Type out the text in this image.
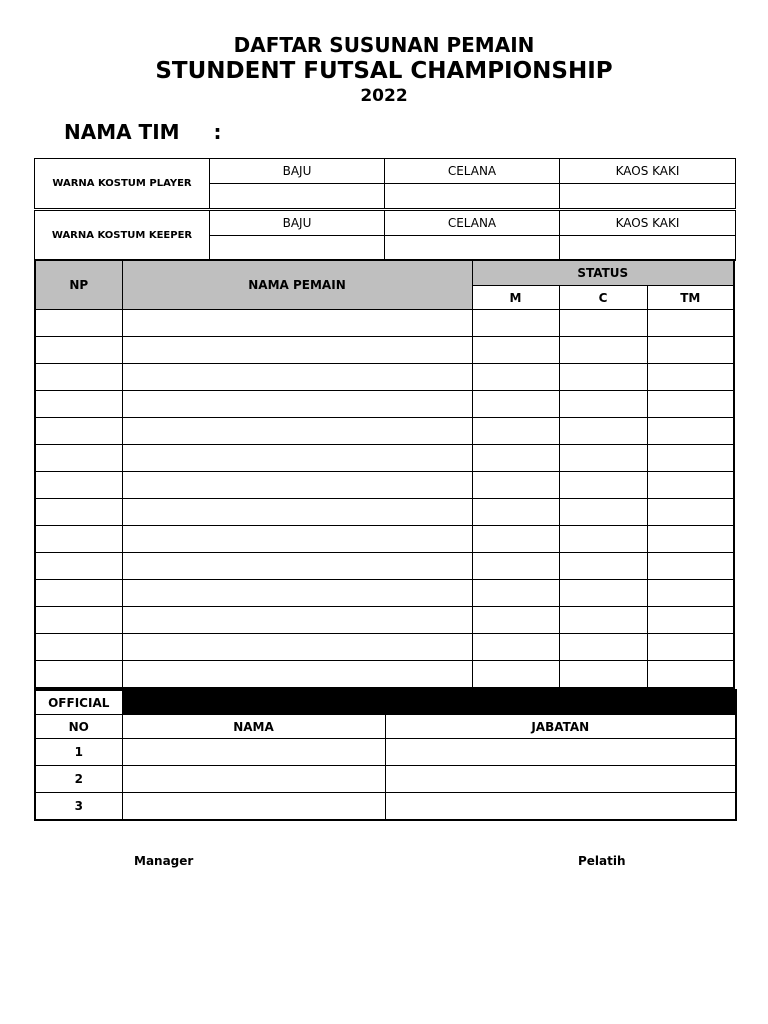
DAFTAR SUSUNAN PEMAIN
STUNDENT FUTSAL CHAMPIONSHIP
2022
NAMA TIM :
WARNA KOSTUM PLAYER	BAJU	CELANA	KAOS KAKI

WARNA KOSTUM KEEPER	BAJU	CELANA	KAOS KAKI

NP	NAMA PEMAIN	STATUS		
		M	C	TM

OFFICIAL		
NO	NAMA	JABATAN
1		
2		
3		
Manager	Pelatih
